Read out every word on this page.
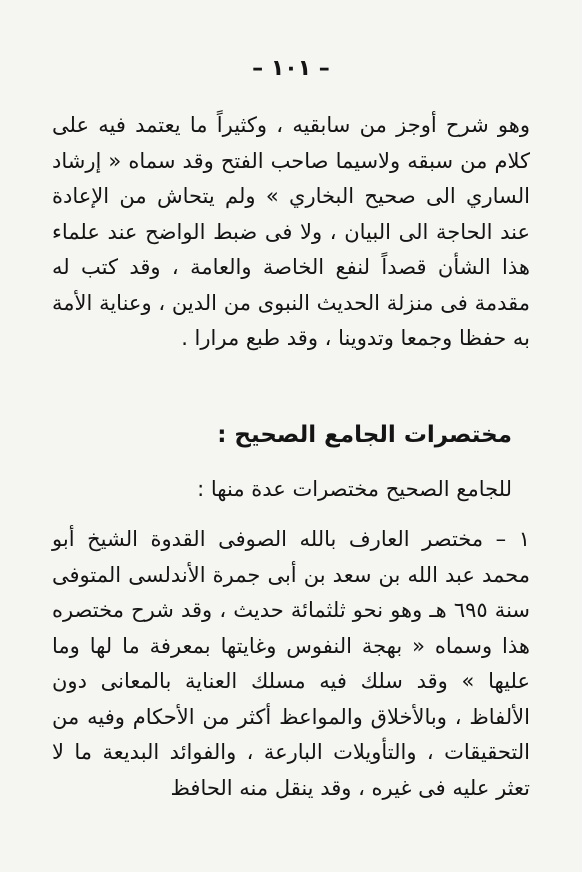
– ١٠١ –

وهو شرح أوجز من سابقيه ، وكثيراً ما يعتمد فيه على كلام من سبقه ولاسيما صاحب الفتح وقد سماه « إرشاد الساري الى صحيح البخاري » ولم يتحاش من الإعادة عند الحاجة الى البيان ، ولا فى ضبط الواضح عند علماء هذا الشأن قصداً لنفع الخاصة والعامة ، وقد كتب له مقدمة فى منزلة الحديث النبوى من الدين ، وعناية الأمة به حفظا وجمعا وتدوينا ، وقد طبع مرارا .

مختصرات الجامع الصحيح :
للجامع الصحيح مختصرات عدة منها :

١ – مختصر العارف بالله الصوفى القدوة الشيخ أبو محمد عبد الله بن سعد بن أبى جمرة الأندلسى المتوفى سنة ٦٩٥ هـ وهو نحو ثلثمائة حديث ، وقد شرح مختصره هذا وسماه « بهجة النفوس وغايتها بمعرفة ما لها وما عليها » وقد سلك فيه مسلك العناية بالمعانى دون الألفاظ ، وبالأخلاق والمواعظ أكثر من الأحكام وفيه من التحقيقات ، والتأويلات البارعة ، والفوائد البديعة ما لا تعثر عليه فى غيره ، وقد ينقل منه الحافظ
